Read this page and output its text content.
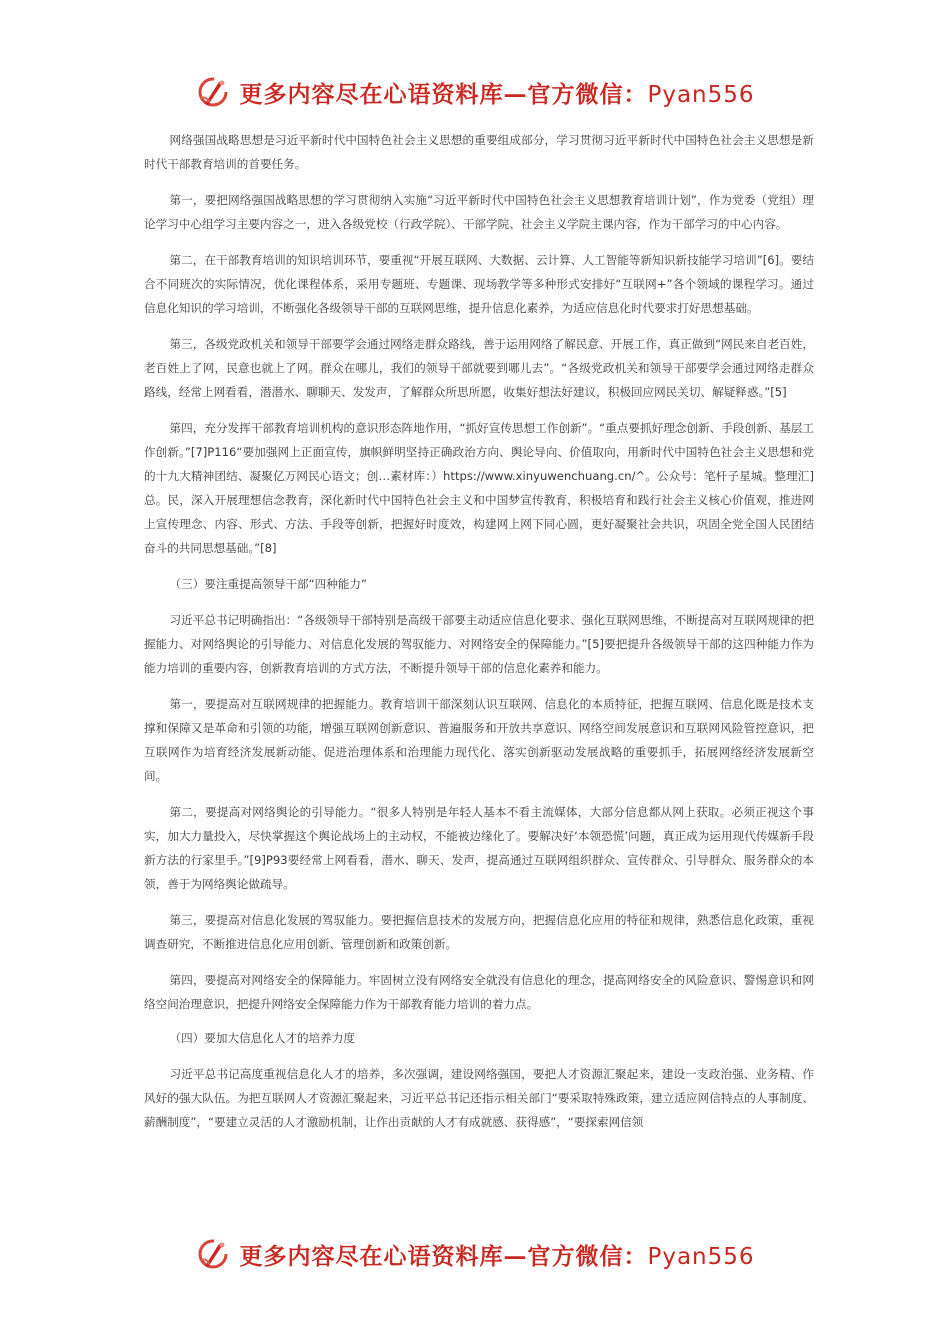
更多内容尽在心语资料库—官方微信：Pyan556

网络强国战略思想是习近平新时代中国特色社会主义思想的重要组成部分，学习贯彻习近平新时代中国特色社会主义思想是新时代干部教育培训的首要任务。

第一，要把网络强国战略思想的学习贯彻纳入实施“习近平新时代中国特色社会主义思想教育培训计划”，作为党委（党组）理论学习中心组学习主要内容之一，进入各级党校（行政学院）、干部学院、社会主义学院主课内容，作为干部学习的中心内容。

第二，在干部教育培训的知识培训环节，要重视“开展互联网、大数据、云计算、人工智能等新知识新技能学习培训”[6]。要结合不同班次的实际情况，优化课程体系，采用专题班、专题课、现场教学等多种形式安排好“互联网+”各个领域的课程学习。通过信息化知识的学习培训，不断强化各级领导干部的互联网思维，提升信息化素养，为适应信息化时代要求打好思想基础。

第三，各级党政机关和领导干部要学会通过网络走群众路线，善于运用网络了解民意、开展工作，真正做到“网民来自老百姓，老百姓上了网，民意也就上了网。群众在哪儿，我们的领导干部就要到哪儿去”。“各级党政机关和领导干部要学会通过网络走群众路线，经常上网看看，潜潜水、聊聊天、发发声，了解群众所思所愿，收集好想法好建议，积极回应网民关切、解疑释惑。”[5]

第四，充分发挥干部教育培训机构的意识形态阵地作用，“抓好宣传思想工作创新”。“重点要抓好理念创新、手段创新、基层工作创新。”[7]P116“要加强网上正面宣传，旗帜鲜明坚持正确政治方向、舆论导向、价值取向，用新时代中国特色社会主义思想和党的十九大精神团结、凝聚亿万网民心语文；创…素材库：）https://www.xinyuwenchuang.cn/^。公众号：笔杆子星城。整理汇]总。民，深入开展理想信念教育，深化新时代中国特色社会主义和中国梦宣传教育，积极培育和践行社会主义核心价值观，推进网上宣传理念、内容、形式、方法、手段等创新，把握好时度效，构建网上网下同心圆，更好凝聚社会共识，巩固全党全国人民团结奋斗的共同思想基础。”[8]

（三）要注重提高领导干部“四种能力”

习近平总书记明确指出：“各级领导干部特别是高级干部要主动适应信息化要求、强化互联网思维，不断提高对互联网规律的把握能力、对网络舆论的引导能力、对信息化发展的驾驭能力、对网络安全的保障能力。”[5]要把提升各级领导干部的这四种能力作为能力培训的重要内容，创新教育培训的方式方法，不断提升领导干部的信息化素养和能力。

第一，要提高对互联网规律的把握能力。教育培训干部深刻认识互联网、信息化的本质特征，把握互联网、信息化既是技术支撑和保障又是革命和引领的功能，增强互联网创新意识、普遍服务和开放共享意识、网络空间发展意识和互联网风险管控意识，把互联网作为培育经济发展新动能、促进治理体系和治理能力现代化、落实创新驱动发展战略的重要抓手，拓展网络经济发展新空间。

第二，要提高对网络舆论的引导能力。“很多人特别是年轻人基本不看主流媒体，大部分信息都从网上获取。必须正视这个事实，加大力量投入，尽快掌握这个舆论战场上的主动权，不能被边缘化了。要解决好‘本领恐慌’问题，真正成为运用现代传媒新手段新方法的行家里手。”[9]P93要经常上网看看，潜水、聊天、发声，提高通过互联网组织群众、宣传群众、引导群众、服务群众的本领，善于为网络舆论做疏导。

第三，要提高对信息化发展的驾驭能力。要把握信息技术的发展方向，把握信息化应用的特征和规律，熟悉信息化政策，重视调查研究，不断推进信息化应用创新、管理创新和政策创新。

第四，要提高对网络安全的保障能力。牢固树立没有网络安全就没有信息化的理念，提高网络安全的风险意识、警惕意识和网络空间治理意识，把提升网络安全保障能力作为干部教育能力培训的着力点。

（四）要加大信息化人才的培养力度

习近平总书记高度重视信息化人才的培养，多次强调，建设网络强国，要把人才资源汇聚起来，建设一支政治强、业务精、作风好的强大队伍。为把互联网人才资源汇聚起来，习近平总书记还指示相关部门“要采取特殊政策，建立适应网信特点的人事制度、薪酬制度”，“要建立灵活的人才激励机制，让作出贡献的人才有成就感、获得感”，“要探索网信领

更多内容尽在心语资料库—官方微信：Pyan556
